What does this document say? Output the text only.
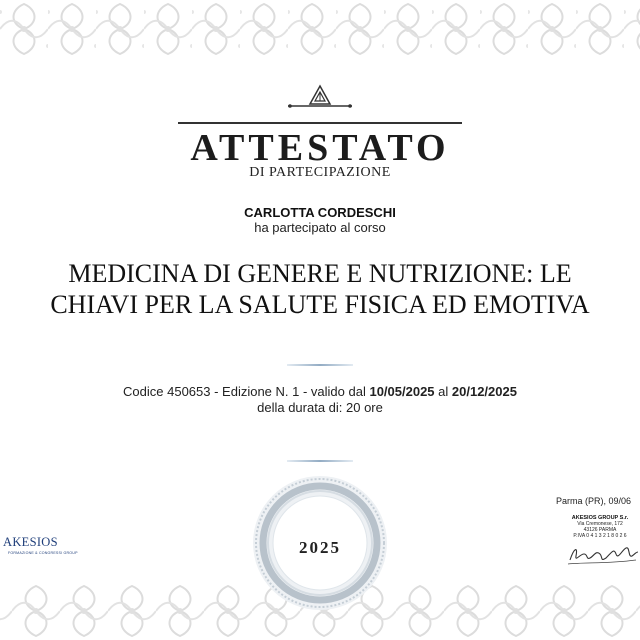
ATTESTATO
DI PARTECIPAZIONE
CARLOTTA CORDESCHI
ha partecipato al corso
MEDICINA DI GENERE E NUTRIZIONE: LE
CHIAVI PER LA SALUTE FISICA ED EMOTIVA
Codice 450653 - Edizione N. 1 - valido dal 10/05/2025 al 20/12/2025
della durata di: 20 ore
2025
AKESIOS
FORMAZIONE & CONGRESSI GROUP
Parma (PR), 09/06
AKESIOS GROUP S.r.
Via Cremonese, 172
43126 PARMA
P.IVA 0 4 1 3 2 1 8 0 2 6
